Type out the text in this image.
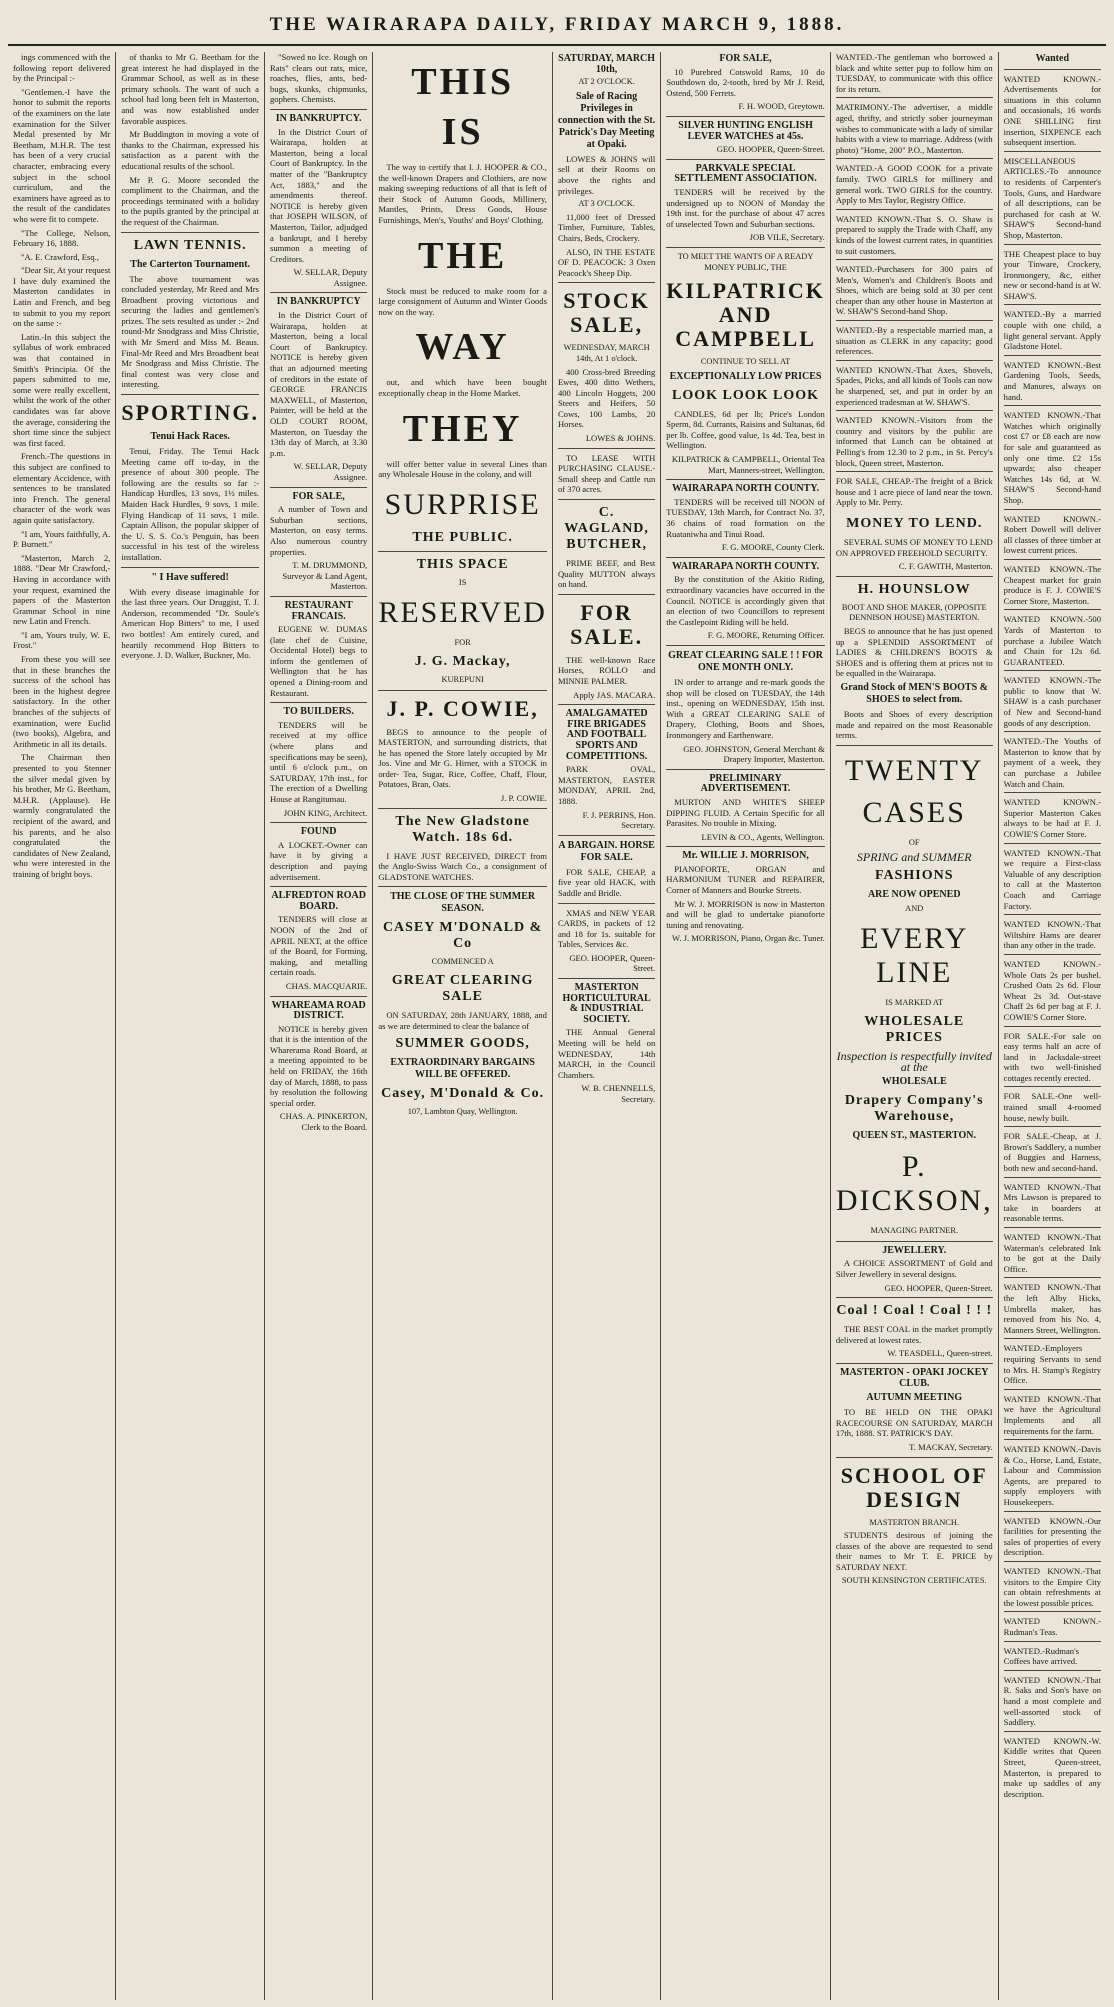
THE WAIRARAPA DAILY, FRIDAY MARCH 9, 1888.

ings commenced with the following report delivered by the Principal :-

"Gentlemen.-I have the honor to submit the reports of the examiners on the late examination for the Silver Medal presented by Mr Beetham, M.H.R. The test has been of a very crucial character, embracing every subject in the school curriculum, and the examiners have agreed as to the result of the candidates who were fit to compete.

"The College, Nelson, February 16, 1888.

"A. E. Crawford, Esq.,

"Dear Sir, At your request I have duly examined the Masterton candidates in Latin and French, and beg to submit to you my report on the same :-

Latin.-In this subject the syllabus of work embraced was that contained in Smith's Principia. Of the papers submitted to me, some were really excellent, whilst the work of the other candidates was far above the average, considering the short time since the subject was first faced.

French.-The questions in this subject are confined to elementary Accidence, with sentences to be translated into French. The general character of the work was again quite satisfactory.

"I am, Yours faithfully, A. P. Burnett."

"Masterton, March 2, 1888. "Dear Mr Crawford,- Having in accordance with your request, examined the papers of the Masterton Grammar School in nine new Latin and French.

"I am, Yours truly, W. E. Frost."

From these you will see that in these branches the success of the school has been in the highest degree satisfactory. In the other branches of the subjects of examination, were Euclid (two books), Algebra, and Arithmetic in all its details.

The Chairman then presented to you Stenner the silver medal given by his brother, Mr G. Beetham, M.H.R. (Applause). He warmly congratulated the recipient of the award, and his parents, and he also congratulated the candidates of New Zealand, who were interested in the training of bright boys.

of thanks to Mr G. Beetham for the great interest he had displayed in the Grammar School, as well as in these primary schools. The want of such a school had long been felt in Masterton, and was now established under favorable auspices.

Mr Buddington in moving a vote of thanks to the Chairman, expressed his satisfaction as a parent with the educational results of the school.

Mr P. G. Moore seconded the compliment to the Chairman, and the proceedings terminated with a holiday to the pupils granted by the principal at the request of the Chairman.

LAWN TENNIS.
The Carterton Tournament.

The above tournament was concluded yesterday, Mr Reed and Mrs Broadbent proving victorious and securing the ladies and gentlemen's prizes. The sets resulted as under :- 2nd round-Mr Snodgrass and Miss Christie, with Mr Smerd and Miss M. Beaus. Final-Mr Reed and Mrs Broadbent beat Mr Snodgrass and Miss Christie. The final contest was very close and interesting.

SPORTING.
Tenui Hack Races.

Tenui, Friday. The Tenui Hack Meeting came off to-day, in the presence of about 300 people. The following are the results so far :- Handicap Hurdles, 13 sovs, 1½ miles. Maiden Hack Hurdles, 9 sovs, 1 mile. Flying Handicap of 11 sovs, 1 mile. Captain Allison, the popular skipper of the U. S. S. Co.'s Penguin, has been successful in his test of the wireless installation.

" I Have suffered!

With every disease imaginable for the last three years. Our Druggist, T. J. Anderson, recommended "Dr. Soule's American Hop Bitters" to me, I used two bottles! Am entirely cured, and heartily recommend Hop Bitters to everyone. J. D. Walker, Buckner, Mo.

"Sowed no Ice. Rough on Rats" clears out rats, mice, roaches, flies, ants, bed-bugs, skunks, chipmunks, gophers. Chemists.

IN BANKRUPTCY.

In the District Court of Wairarapa, holden at Masterton, being a local Court of Bankruptcy. In the matter of the "Bankruptcy Act, 1883," and the amendments thereof. NOTICE is hereby given that JOSEPH WILSON, of Masterton, Tailor, adjudged a bankrupt, and I hereby summon a meeting of Creditors.

W. SELLAR, Deputy Assignee.
IN BANKRUPTCY

In the District Court of Wairarapa, holden at Masterton, being a local Court of Bankruptcy. NOTICE is hereby given that an adjourned meeting of creditors in the estate of GEORGE FRANCIS MAXWELL, of Masterton, Painter, will be held at the OLD COURT ROOM, Masterton, on Tuesday the 13th day of March, at 3.30 p.m.

W. SELLAR, Deputy Assignee.
FOR SALE,

A number of Town and Suburban sections, Masterton, on easy terms. Also numerous country properties.

T. M. DRUMMOND, Surveyor & Land Agent, Masterton.
RESTAURANT FRANCAIS.

EUGENE W. DUMAS (late chef de Cuisine, Occidental Hotel) begs to inform the gentlemen of Wellington that he has opened a Dining-room and Restaurant.

TO BUILDERS.

TENDERS will be received at my office (where plans and specifications may be seen), until 6 o'clock p.m., on SATURDAY, 17th inst., for The erection of a Dwelling House at Rangitumau.

JOHN KING, Architect.
FOUND

A LOCKET.-Owner can have it by giving a description and paying advertisement.

ALFREDTON ROAD BOARD.

TENDERS will close at NOON of the 2nd of APRIL NEXT, at the office of the Board, for Forming, making, and metalling certain roads.

CHAS. MACQUARIE.
WHAREAMA ROAD DISTRICT.

NOTICE is hereby given that it is the intention of the Wharerama Road Board, at a meeting appointed to be held on FRIDAY, the 16th day of March, 1888, to pass by resolution the following special order.

CHAS. A. PINKERTON, Clerk to the Board.
THIS
IS

The way to certify that I. J. HOOPER & CO., the well-known Drapers and Clothiers, are now making sweeping reductions of all that is left of their Stock of Autumn Goods, Millinery, Mantles, Prints, Dress Goods, House Furnishings, Men's, Youths' and Boys' Clothing.

THE

Stock must be reduced to make room for a large consignment of Autumn and Winter Goods now on the way.

WAY

out, and which have been bought exceptionally cheap in the Home Market.

THEY

will offer better value in several Lines than any Wholesale House in the colony, and will

SURPRISE
THE PUBLIC.
THIS SPACE
IS
RESERVED
FOR
J. G. Mackay,
KUREPUNI
J. P. COWIE,

BEGS to announce to the people of MASTERTON, and surrounding districts, that he has opened the Store lately occupied by Mr Jos. Vine and Mr G. Hirner, with a STOCK in order- Tea, Sugar, Rice, Coffee, Chaff, Flour, Potatoes, Bran, Oats.

J. P. COWIE.
The New Gladstone Watch. 18s 6d.

I HAVE JUST RECEIVED, DIRECT from the Anglo-Swiss Watch Co., a consignment of GLADSTONE WATCHES.

THE CLOSE OF THE SUMMER SEASON.
CASEY M'DONALD & Co
COMMENCED A
GREAT CLEARING SALE

ON SATURDAY, 28th JANUARY, 1888, and as we are determined to clear the balance of

SUMMER GOODS,
EXTRAORDINARY BARGAINS WILL BE OFFERED.
Casey, M'Donald & Co.
107, Lambton Quay, Wellington.
SATURDAY, MARCH 10th,
AT 2 O'CLOCK.
Sale of Racing Privileges in connection with the St. Patrick's Day Meeting at Opaki.

LOWES & JOHNS will sell at their Rooms on above the rights and privileges.

AT 3 O'CLOCK.

11,000 feet of Dressed Timber, Furniture, Tables, Chairs, Beds, Crockery.

ALSO, IN THE ESTATE OF D. PEACOCK: 3 Oxen Peacock's Sheep Dip.

STOCK SALE,
WEDNESDAY, MARCH 14th, At 1 o'clock.

400 Cross-bred Breeding Ewes, 400 ditto Wethers, 400 Lincoln Hoggets, 200 Steers and Heifers, 50 Cows, 100 Lambs, 20 Horses.

LOWES & JOHNS.

TO LEASE WITH PURCHASING CLAUSE.-Small sheep and Cattle run of 370 acres.

C. WAGLAND, BUTCHER,

PRIME BEEF, and Best Quality MUTTON always on hand.

FOR SALE.

THE well-known Race Horses, ROLLO and MINNIE PALMER.

Apply JAS. MACARA.
AMALGAMATED FIRE BRIGADES AND FOOTBALL SPORTS AND COMPETITIONS.

PARK OVAL, MASTERTON, EASTER MONDAY, APRIL 2nd, 1888.

F. J. PERRINS, Hon. Secretary.
A BARGAIN. HORSE FOR SALE.

FOR SALE, CHEAP, a five year old HACK, with Saddle and Bridle.

XMAS and NEW YEAR CARDS, in packets of 12 and 18 for 1s. suitable for Tables, Services &c.

GEO. HOOPER, Queen-Street.
MASTERTON HORTICULTURAL & INDUSTRIAL SOCIETY.

THE Annual General Meeting will be held on WEDNESDAY, 14th MARCH, in the Council Chambers.

W. B. CHENNELLS, Secretary.
FOR SALE,

10 Purebred Cotswold Rams, 10 do Southdown do, 2-tooth, bred by Mr J. Reid, Ostend, 500 Ferrets.

F. H. WOOD, Greytown.
SILVER HUNTING ENGLISH LEVER WATCHES at 45s.
GEO. HOOPER, Queen-Street.
PARKVALE SPECIAL SETTLEMENT ASSOCIATION.

TENDERS will be received by the undersigned up to NOON of Monday the 19th inst. for the purchase of about 47 acres of unselected Town and Suburban sections.

JOB VILE, Secretary.
TO MEET THE WANTS OF A READY MONEY PUBLIC, THE
KILPATRICK AND CAMPBELL
CONTINUE TO SELL AT
EXCEPTIONALLY LOW PRICES
LOOK LOOK LOOK

CANDLES, 6d per lb; Price's London Sperm, 8d. Currants, Raisins and Sultanas, 6d per lb. Coffee, good value, 1s 4d. Tea, best in Wellington.

KILPATRICK & CAMPBELL, Oriental Tea Mart, Manners-street, Wellington.
WAIRARAPA NORTH COUNTY.

TENDERS will be received till NOON of TUESDAY, 13th March, for Contract No. 37, 36 chains of road formation on the Ruataniwha and Tinui Road.

F. G. MOORE, County Clerk.
WAIRARAPA NORTH COUNTY.

By the constitution of the Akitio Riding, extraordinary vacancies have occurred in the Council. NOTICE is accordingly given that an election of two Councillors to represent the Castlepoint Riding will be held.

F. G. MOORE, Returning Officer.
GREAT CLEARING SALE ! ! FOR ONE MONTH ONLY.

IN order to arrange and re-mark goods the shop will be closed on TUESDAY, the 14th inst., opening on WEDNESDAY, 15th inst. With a GREAT CLEARING SALE of Drapery, Clothing, Boots and Shoes, Ironmongery and Earthenware.

GEO. JOHNSTON, General Merchant & Drapery Importer, Masterton.
PRELIMINARY ADVERTISEMENT.

MURTON AND WHITE'S SHEEP DIPPING FLUID. A Certain Specific for all Parasites. No trouble in Mixing.

LEVIN & CO., Agents, Wellington.
Mr. WILLIE J. MORRISON,

PIANOFORTE, ORGAN and HARMONIUM TUNER and REPAIRER, Corner of Manners and Bourke Streets.

Mr W. J. MORRISON is now in Masterton and will be glad to undertake pianoforte tuning and renovating.

W. J. MORRISON, Piano, Organ &c. Tuner.
WANTED.-The gentleman who borrowed a black and white setter pup to follow him on TUESDAY, to communicate with this office for its return.
MATRIMONY.-The advertiser, a middle aged, thrifty, and strictly sober journeyman wishes to communicate with a lady of similar habits with a view to marriage. Address (with photo) "Home, 200" P.O., Masterton.
WANTED.-A GOOD COOK for a private family. TWO GIRLS for millinery and general work. TWO GIRLS for the country. Apply to Mrs Taylor, Registry Office.
WANTED KNOWN.-That S. O. Shaw is prepared to supply the Trade with Chaff, any kinds of the lowest current rates, in quantities to suit customers.
WANTED.-Purchasers for 300 pairs of Men's, Women's and Children's Boots and Shoes, which are being sold at 30 per cent cheaper than any other house in Masterton at W. SHAW'S Second-hand Shop.
WANTED.-By a respectable married man, a situation as CLERK in any capacity; good references.
WANTED KNOWN.-That Axes, Shovels, Spades, Picks, and all kinds of Tools can now be sharpened, set, and put in order by an experienced tradesman at W. SHAW'S.
WANTED KNOWN.-Visitors from the country and visitors by the public are informed that Lunch can be obtained at Pelling's from 12.30 to 2 p.m., in St. Percy's block, Queen street, Masterton.
FOR SALE, CHEAP.-The freight of a Brick house and 1 acre piece of land near the town. Apply to Mr. Perry.
MONEY TO LEND.

SEVERAL SUMS OF MONEY TO LEND ON APPROVED FREEHOLD SECURITY.

C. F. GAWITH, Masterton.
H. HOUNSLOW
BOOT AND SHOE MAKER, (OPPOSITE DENNISON HOUSE) MASTERTON.

BEGS to announce that he has just opened up a SPLENDID ASSORTMENT of LADIES & CHILDREN'S BOOTS & SHOES and is offering them at prices not to be equalled in the Wairarapa.

Grand Stock of MEN'S BOOTS & SHOES to select from.

Boots and Shoes of every description made and repaired on the most Reasonable terms.

TWENTY
CASES
OF
SPRING and SUMMER
FASHIONS
ARE NOW OPENED
AND
EVERY LINE
IS MARKED AT
WHOLESALE PRICES
Inspection is respectfully invited at the
WHOLESALE
Drapery Company's Warehouse,
QUEEN ST., MASTERTON.
P. DICKSON,
MANAGING PARTNER.
JEWELLERY.

A CHOICE ASSORTMENT of Gold and Silver Jewellery in several designs.

GEO. HOOPER, Queen-Street.
Coal ! Coal ! Coal ! ! !

THE BEST COAL in the market promptly delivered at lowest rates.

W. TEASDELL, Queen-street.
MASTERTON - OPAKI JOCKEY CLUB.
AUTUMN MEETING

TO BE HELD ON THE OPAKI RACECOURSE ON SATURDAY, MARCH 17th, 1888. ST. PATRICK'S DAY.

T. MACKAY, Secretary.
SCHOOL OF DESIGN
MASTERTON BRANCH.

STUDENTS desirous of joining the classes of the above are requested to send their names to Mr T. E. PRICE by SATURDAY NEXT.

SOUTH KENSINGTON CERTIFICATES.
Wanted
WANTED KNOWN.-Advertisements for situations in this column and occasionals, 16 words ONE SHILLING first insertion, SIXPENCE each subsequent insertion.
MISCELLANEOUS ARTICLES.-To announce to residents of Carpenter's Tools, Guns, and Hardware of all descriptions, can be purchased for cash at W. SHAW'S Second-hand Shop, Masterton.
THE Cheapest place to buy your Tinware, Crockery, Ironmongery, &c, either new or second-hand is at W. SHAW'S.
WANTED.-By a married couple with one child, a light general servant. Apply Gladstone Hotel.
WANTED KNOWN.-Best Gardening Tools, Seeds, and Manures, always on hand.
WANTED KNOWN.-That Watches which originally cost £7 or £8 each are now for sale and guaranteed as only one time. £2 15s upwards; also cheaper Watches 14s 6d, at W. SHAW'S Second-hand Shop.
WANTED KNOWN.-Robert Dowell will deliver all classes of three timber at lowest current prices.
WANTED KNOWN.-The Cheapest market for grain produce is F. J. COWIE'S Corner Store, Masterton.
WANTED KNOWN.-500 Yards of Masterton to purchase a Jubilee Watch and Chain for 12s 6d. GUARANTEED.
WANTED KNOWN.-The public to know that W. SHAW is a cash purchaser of New and Second-hand goods of any description.
WANTED.-The Youths of Masterton to know that by payment of a week, they can purchase a Jubilee Watch and Chain.
WANTED KNOWN.-Superior Masterton Cakes always to be had at F. J. COWIE'S Corner Store.
WANTED KNOWN.-That we require a First-class Valuable of any description to call at the Masterton Coach and Carriage Factory.
WANTED KNOWN.-That Wiltshire Hams are dearer than any other in the trade.
WANTED KNOWN.-Whole Oats 2s per bushel. Crushed Oats 2s 6d. Flour Wheat 2s 3d. Out-stave Chaff 2s 6d per bag at F. J. COWIE'S Corner Store.
FOR SALE.-For sale on easy terms half an acre of land in Jacksdale-street with two well-finished cottages recently erected.
FOR SALE.-One well-trained small 4-roomed house, newly built.
FOR SALE.-Cheap, at J. Brown's Saddlery, a number of Buggies and Harness, both new and second-hand.
WANTED KNOWN.-That Mrs Lawson is prepared to take in boarders at reasonable terms.
WANTED KNOWN.-That Waterman's celebrated Ink to be got at the Daily Office.
WANTED KNOWN.-That the left Alby Hicks, Umbrella maker, has removed from his No. 4, Manners Street, Wellington.
WANTED.-Employers requiring Servants to send to Mrs. H. Stamp's Registry Office.
WANTED KNOWN.-That we have the Agricultural Implements and all requirements for the farm.
WANTED KNOWN.-Davis & Co., Horse, Land, Estate, Labour and Commission Agents, are prepared to supply employers with Housekeepers.
WANTED KNOWN.-Our facilities for presenting the sales of properties of every description.
WANTED KNOWN.-That visitors to the Empire City can obtain refreshments at the lowest possible prices.
WANTED KNOWN.-Rudman's Teas.
WANTED.-Rudman's Coffees have arrived.
WANTED KNOWN.-That R. Saks and Son's have on hand a most complete and well-assorted stock of Saddlery.
WANTED KNOWN.-W. Kiddle writes that Queen Street, Queen-street, Masterton, is prepared to make up saddles of any description.
